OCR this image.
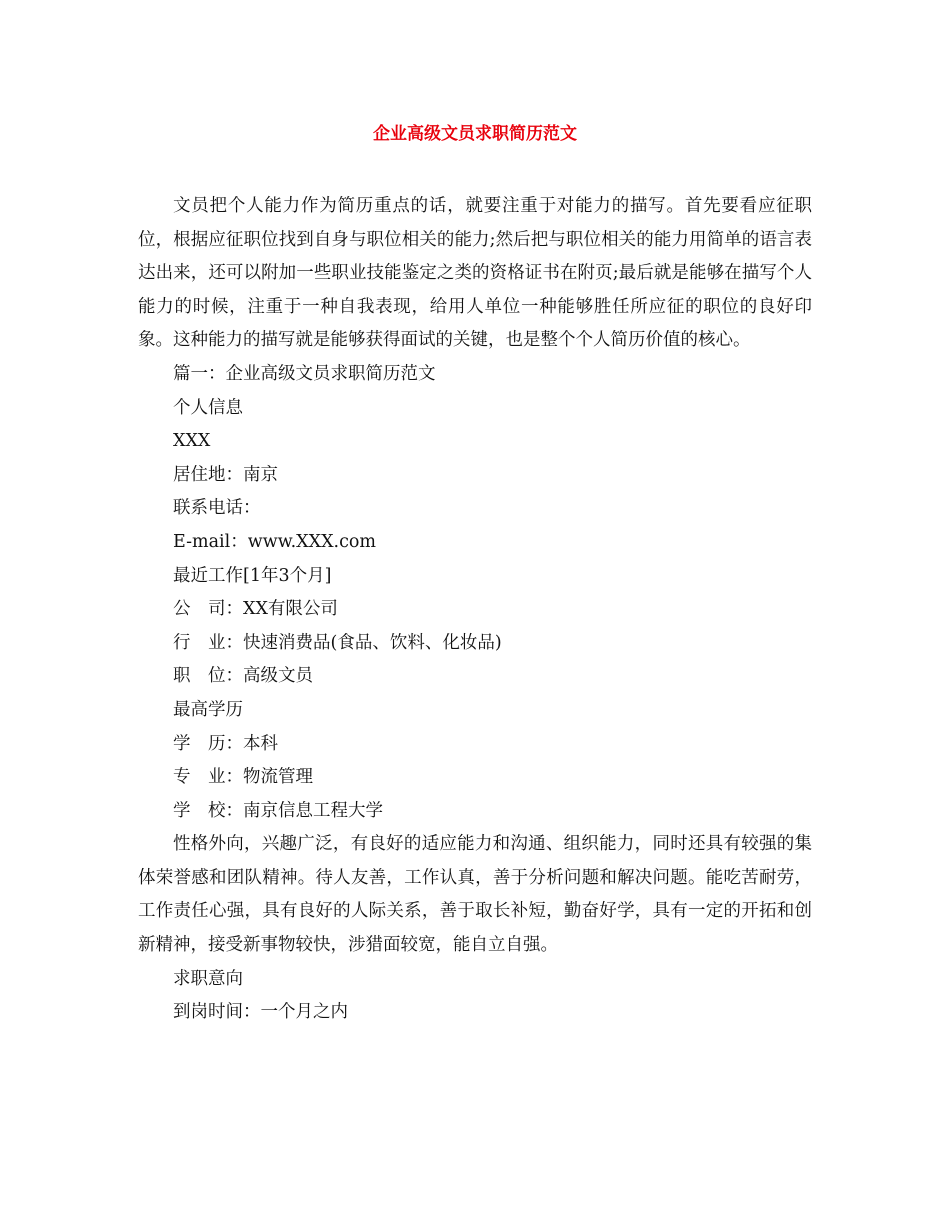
企业高级文员求职简历范文

文员把个人能力作为简历重点的话，就要注重于对能力的描写。首先要看应征职位，根据应征职位找到自身与职位相关的能力;然后把与职位相关的能力用简单的语言表达出来，还可以附加一些职业技能鉴定之类的资格证书在附页;最后就是能够在描写个人能力的时候，注重于一种自我表现，给用人单位一种能够胜任所应征的职位的良好印象。这种能力的描写就是能够获得面试的关键，也是整个个人简历价值的核心。

篇一：企业高级文员求职简历范文

个人信息

XXX

居住地：南京

联系电话：

E-mail：www.XXX.com

最近工作[1年3个月]

公　司：XX有限公司

行　业：快速消费品(食品、饮料、化妆品)

职　位：高级文员

最高学历

学　历：本科

专　业：物流管理

学　校：南京信息工程大学

性格外向，兴趣广泛，有良好的适应能力和沟通、组织能力，同时还具有较强的集体荣誉感和团队精神。待人友善，工作认真，善于分析问题和解决问题。能吃苦耐劳，工作责任心强，具有良好的人际关系，善于取长补短，勤奋好学，具有一定的开拓和创新精神，接受新事物较快，涉猎面较宽，能自立自强。

求职意向

到岗时间：一个月之内
